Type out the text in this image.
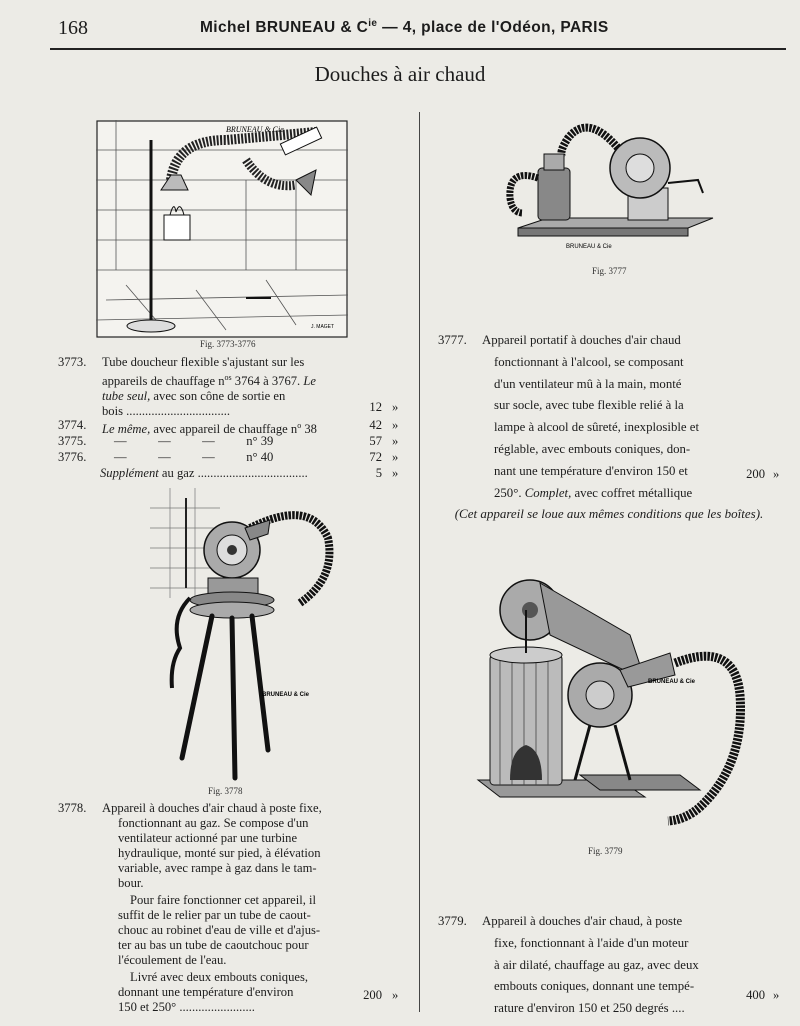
168	Michel BRUNEAU & $C^{ie}$ — 4, place de l'Odéon, PARIS
Douches à air chaud
BRUNEAU & Cie
J. MAGET
Fig. 3773-3776
3773. Tube doucheur flexible s'ajustant sur les
appareils de chauffage $n^{os}$ 3764 à 3767. Le
tube seul, avec son cône de sortie en
bois .................................	12 »
3774. Le même, avec appareil de chauffage $n^o$ 38	42 »
3775. —          —          —          n° 39	57 »
3776. —          —          —          n° 40	72 »
Supplément au gaz ...................................	5 »
BRUNEAU & Cie
Fig. 3778
3778. Appareil à douches d'air chaud à poste fixe,
fonctionnant au gaz. Se compose d'un
ventilateur actionné par une turbine
hydraulique, monté sur pied, à élévation
variable, avec rampe à gaz dans le tam-
bour.
Pour faire fonctionner cet appareil, il
suffit de le relier par un tube de caout-
chouc au robinet d'eau de ville et d'ajus-
ter au bas un tube de caoutchouc pour
l'écoulement de l'eau.
Livré avec deux embouts coniques,
donnant une température d'environ
150 et 250° ........................
200 »
BRUNEAU & Cie
Fig. 3777
3777. Appareil portatif à douches d'air chaud
fonctionnant à l'alcool, se composant
d'un ventilateur mû à la main, monté
sur socle, avec tube flexible relié à la
lampe à alcool de sûreté, inexplosible et
réglable, avec embouts coniques, don-
nant une température d'environ 150 et
250°. Complet, avec coffret métallique
200 »
(Cet appareil se loue aux mêmes conditions que les boîtes).
BRUNEAU & Cie
Fig. 3779
3779. Appareil à douches d'air chaud, à poste
fixe, fonctionnant à l'aide d'un moteur
à air dilaté, chauffage au gaz, avec deux
embouts coniques, donnant une tempé-
rature d'environ 150 et 250 degrés ....
400 »
